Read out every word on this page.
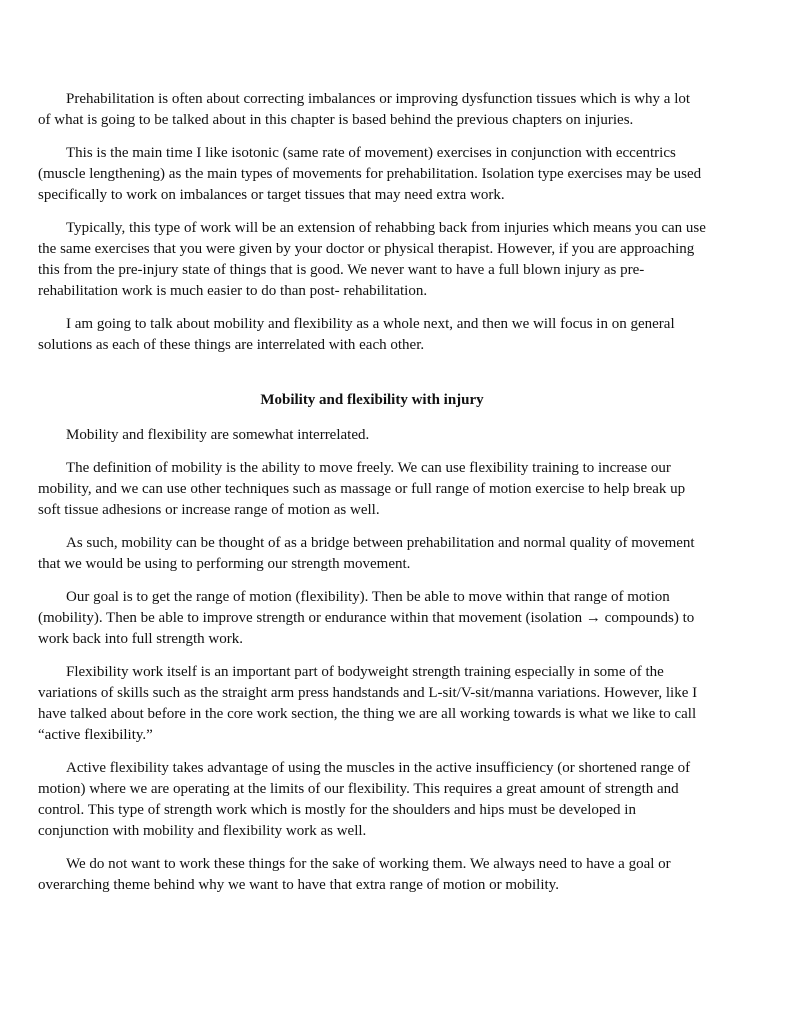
Prehabilitation is often about correcting imbalances or improving dysfunction tissues which is why a lot of what is going to be talked about in this chapter is based behind the previous chapters on injuries.

This is the main time I like isotonic (same rate of movement) exercises in conjunction with eccentrics (muscle lengthening) as the main types of movements for prehabilitation. Isolation type exercises may be used specifically to work on imbalances or target tissues that may need extra work.

Typically, this type of work will be an extension of rehabbing back from injuries which means you can use the same exercises that you were given by your doctor or physical therapist. However, if you are approaching this from the pre-injury state of things that is good. We never want to have a full blown injury as pre- rehabilitation work is much easier to do than post- rehabilitation.

I am going to talk about mobility and flexibility as a whole next, and then we will focus in on general solutions as each of these things are interrelated with each other.

Mobility and flexibility with injury

Mobility and flexibility are somewhat interrelated.

The definition of mobility is the ability to move freely. We can use flexibility training to increase our mobility, and we can use other techniques such as massage or full range of motion exercise to help break up soft tissue adhesions or increase range of motion as well.

As such, mobility can be thought of as a bridge between prehabilitation and normal quality of movement that we would be using to performing our strength movement.

Our goal is to get the range of motion (flexibility). Then be able to move within that range of motion (mobility). Then be able to improve strength or endurance within that movement (isolation → compounds) to work back into full strength work.

Flexibility work itself is an important part of bodyweight strength training especially in some of the variations of skills such as the straight arm press handstands and L-sit/V-sit/manna variations. However, like I have talked about before in the core work section, the thing we are all working towards is what we like to call “active flexibility.”

Active flexibility takes advantage of using the muscles in the active insufficiency (or shortened range of motion) where we are operating at the limits of our flexibility. This requires a great amount of strength and control. This type of strength work which is mostly for the shoulders and hips must be developed in conjunction with mobility and flexibility work as well.

We do not want to work these things for the sake of working them. We always need to have a goal or overarching theme behind why we want to have that extra range of motion or mobility.
